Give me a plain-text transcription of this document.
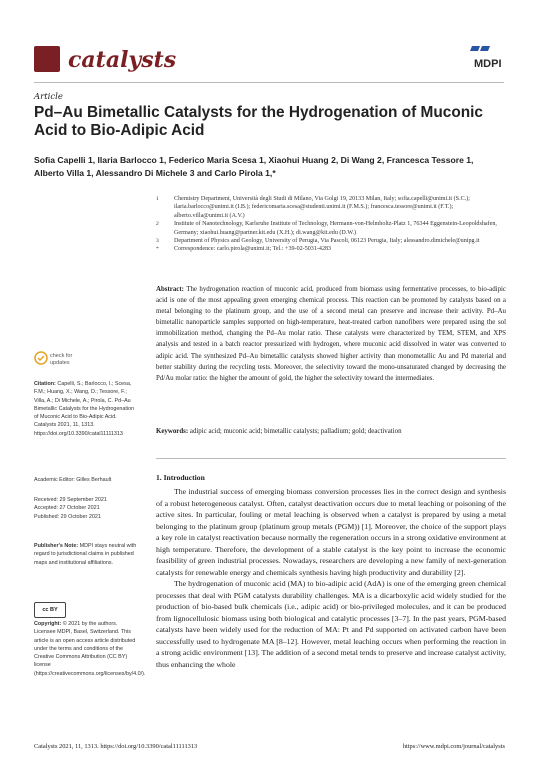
catalysts	MDPI
Article
Pd–Au Bimetallic Catalysts for the Hydrogenation of Muconic Acid to Bio-Adipic Acid
Sofia Capelli 1, Ilaria Barlocco 1, Federico Maria Scesa 1, Xiaohui Huang 2, Di Wang 2, Francesca Tessore 1,
Alberto Villa 1, Alessandro Di Michele 3 and Carlo Pirola 1,*
1 Chemistry Department, Università degli Studi di Milano, Via Golgi 19, 20133 Milan, Italy; sofia.capelli@unimi.it (S.C.); ilaria.barlocco@unimi.it (I.B.); federicomaria.scesa@studenti.unimi.it (F.M.S.); francesca.tessore@unimi.it (F.T.); alberto.villa@unimi.it (A.V.)
2 Institute of Nanotechnology, Karlsruhe Institute of Technology, Hermann-von-Helmholtz-Platz 1, 76344 Eggenstein-Leopoldshafen, Germany; xiaohui.huang@partner.kit.edu (X.H.); di.wang@kit.edu (D.W.)
3 Department of Physics and Geology, University of Perugia, Via Pascoli, 06123 Perugia, Italy; alessandro.dimichele@unipg.it
* Correspondence: carlo.pirola@unimi.it; Tel.: +39-02-5031-4283
Abstract: The hydrogenation reaction of muconic acid, produced from biomass using fermentative processes, to bio-adipic acid is one of the most appealing green emerging chemical process. This reaction can be promoted by catalysts based on a metal belonging to the platinum group, and the use of a second metal can preserve and increase their activity. Pd–Au bimetallic nanoparticle samples supported on high-temperature, heat-treated carbon nanofibers were prepared using the sol immobilization method, changing the Pd–Au molar ratio. These catalysts were characterized by TEM, STEM, and XPS analysis and tested in a batch reactor pressurized with hydrogen, where muconic acid dissolved in water was converted to adipic acid. The synthesized Pd–Au bimetallic catalysts showed higher activity than monometallic Au and Pd material and better stability during the recycling tests. Moreover, the selectivity toward the mono-unsaturated changed by decreasing the Pd/Au molar ratio: the higher the amount of gold, the higher the selectivity toward the intermediates.
Keywords: adipic acid; muconic acid; bimetallic catalysts; palladium; gold; deactivation
1. Introduction

The industrial success of emerging biomass conversion processes lies in the correct design and synthesis of a robust heterogeneous catalyst. Often, catalyst deactivation occurs due to metal leaching or poisoning of the active sites. In particular, fouling or metal leaching is observed when a catalyst is prepared by using a metal belonging to the platinum group (platinum group metals (PGM)) [1]. Moreover, the choice of the support plays a key role in catalyst reactivation because normally the regeneration occurs in a strong oxidative environment at high temperature. Therefore, the development of a stable catalyst is the key point to increase the economic feasibility of green industrial processes. Nowadays, researchers are developing a new family of next-generation catalysts for renewable energy and chemicals synthesis having high productivity and durability [2].

The hydrogenation of muconic acid (MA) to bio-adipic acid (AdA) is one of the emerging green chemical processes that deal with PGM catalysts durability challenges. MA is a dicarboxylic acid widely studied for the production of bio-based bulk chemicals (i.e., adipic acid) or bio-privileged molecules, and it can be produced from lignocellulosic biomass using both biological and catalytic processes [3–7]. In the past years, PGM-based catalysts have been widely used for the reduction of MA: Pt and Pd supported on activated carbon have been successfully used to hydrogenate MA [8–12]. However, metal leaching occurs when performing the reaction in a strong acidic environment [13]. The addition of a second metal tends to preserve and increase catalyst activity, thus enhancing the whole

check for updates
Citation: Capelli, S.; Barlocco, I.; Scesa, F.M.; Huang, X.; Wang, D.; Tessore, F.; Villa, A.; Di Michele, A.; Pirola, C. Pd–Au Bimetallic Catalysts for the Hydrogenation of Muconic Acid to Bio-Adipic Acid. Catalysts 2021, 11, 1313. https://doi.org/10.3390/catal11111313
Academic Editor: Gilles Berhault
Received: 29 September 2021
Accepted: 27 October 2021
Published: 29 October 2021
Publisher's Note: MDPI stays neutral with regard to jurisdictional claims in published maps and institutional affiliations.
cc BY
Copyright: © 2021 by the authors. Licensee MDPI, Basel, Switzerland. This article is an open access article distributed under the terms and conditions of the Creative Commons Attribution (CC BY) license (https://creativecommons.org/licenses/by/4.0/).
Catalysts 2021, 11, 1313. https://doi.org/10.3390/catal11111313	https://www.mdpi.com/journal/catalysts
